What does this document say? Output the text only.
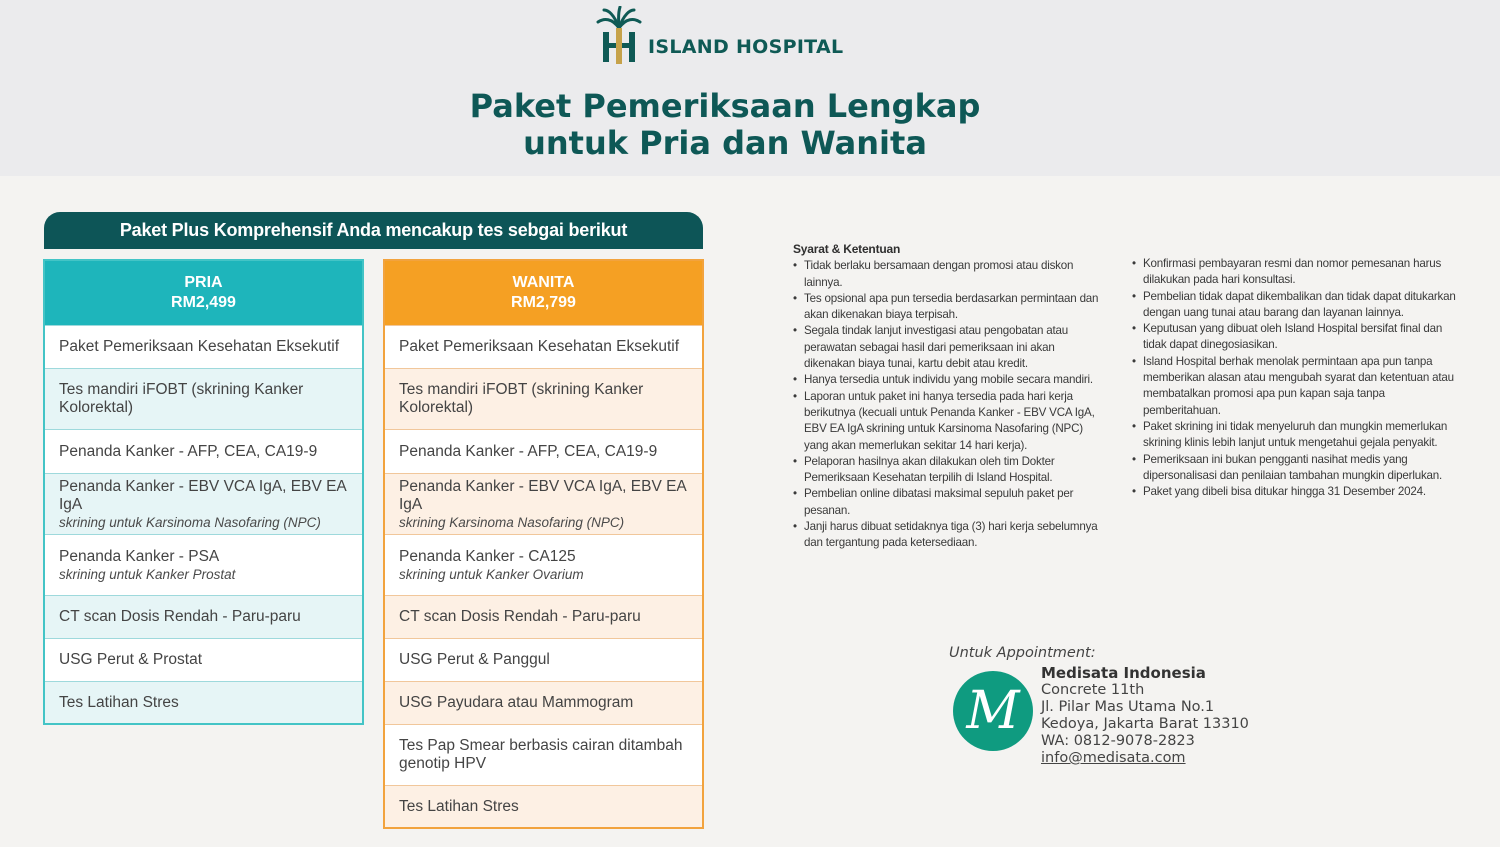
ISLAND HOSPITAL
Paket Pemeriksaan Lengkap
untuk Pria dan Wanita
Paket Plus Komprehensif Anda mencakup tes sebgai berikut
PRIA
RM2,499
Paket Pemeriksaan Kesehatan Eksekutif
Tes mandiri iFOBT (skrining Kanker Kolorektal)
Penanda Kanker - AFP, CEA, CA19-9
Penanda Kanker - EBV VCA IgA, EBV EA IgA
skrining untuk Karsinoma Nasofaring (NPC)
Penanda Kanker - PSA
skrining untuk Kanker Prostat
CT scan Dosis Rendah - Paru-paru
USG Perut & Prostat
Tes Latihan Stres
WANITA
RM2,799
Paket Pemeriksaan Kesehatan Eksekutif
Tes mandiri iFOBT (skrining Kanker Kolorektal)
Penanda Kanker - AFP, CEA, CA19-9
Penanda Kanker - EBV VCA IgA, EBV EA IgA
skrining Karsinoma Nasofaring (NPC)
Penanda Kanker - CA125
skrining untuk Kanker Ovarium
CT scan Dosis Rendah - Paru-paru
USG Perut & Panggul
USG Payudara atau Mammogram
Tes Pap Smear berbasis cairan ditambah genotip HPV
Tes Latihan Stres
Syarat & Ketentuan
• Tidak berlaku bersamaan dengan promosi atau diskon lainnya.
• Tes opsional apa pun tersedia berdasarkan permintaan dan akan dikenakan biaya terpisah.
• Segala tindak lanjut investigasi atau pengobatan atau perawatan sebagai hasil dari pemeriksaan ini akan dikenakan biaya tunai, kartu debit atau kredit.
• Hanya tersedia untuk individu yang mobile secara mandiri.
• Laporan untuk paket ini hanya tersedia pada hari kerja berikutnya (kecuali untuk Penanda Kanker - EBV VCA IgA, EBV EA IgA skrining untuk Karsinoma Nasofaring (NPC) yang akan memerlukan sekitar 14 hari kerja).
• Pelaporan hasilnya akan dilakukan oleh tim Dokter Pemeriksaan Kesehatan terpilih di Island Hospital.
• Pembelian online dibatasi maksimal sepuluh paket per pesanan.
• Janji harus dibuat setidaknya tiga (3) hari kerja sebelumnya dan tergantung pada ketersediaan.
• Konfirmasi pembayaran resmi dan nomor pemesanan harus dilakukan pada hari konsultasi.
• Pembelian tidak dapat dikembalikan dan tidak dapat ditukarkan dengan uang tunai atau barang dan layanan lainnya.
• Keputusan yang dibuat oleh Island Hospital bersifat final dan tidak dapat dinegosiasikan.
• Island Hospital berhak menolak permintaan apa pun tanpa memberikan alasan atau mengubah syarat dan ketentuan atau membatalkan promosi apa pun kapan saja tanpa pemberitahuan.
• Paket skrining ini tidak menyeluruh dan mungkin memerlukan skrining klinis lebih lanjut untuk mengetahui gejala penyakit.
• Pemeriksaan ini bukan pengganti nasihat medis yang dipersonalisasi dan penilaian tambahan mungkin diperlukan.
• Paket yang dibeli bisa ditukar hingga 31 Desember 2024.
Untuk Appointment:
M
Medisata Indonesia
Concrete 11th
Jl. Pilar Mas Utama No.1
Kedoya, Jakarta Barat 13310
WA: 0812-9078-2823
info@medisata.com
